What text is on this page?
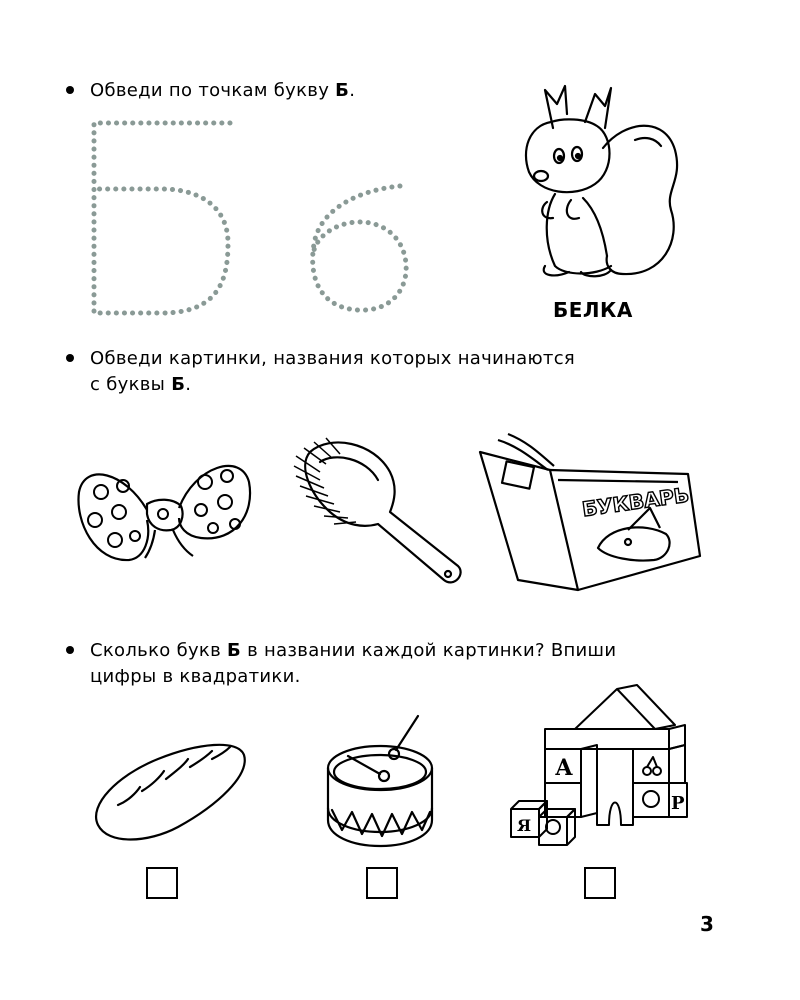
Обведи по точкам букву Б.
БЕЛКА
Обведи картинки, названия которых начинаются
с буквы Б.
БУКВАРЬ
Сколько букв Б в названии каждой картинки? Впиши
цифры в квадратики.
А
Я
Р
3
